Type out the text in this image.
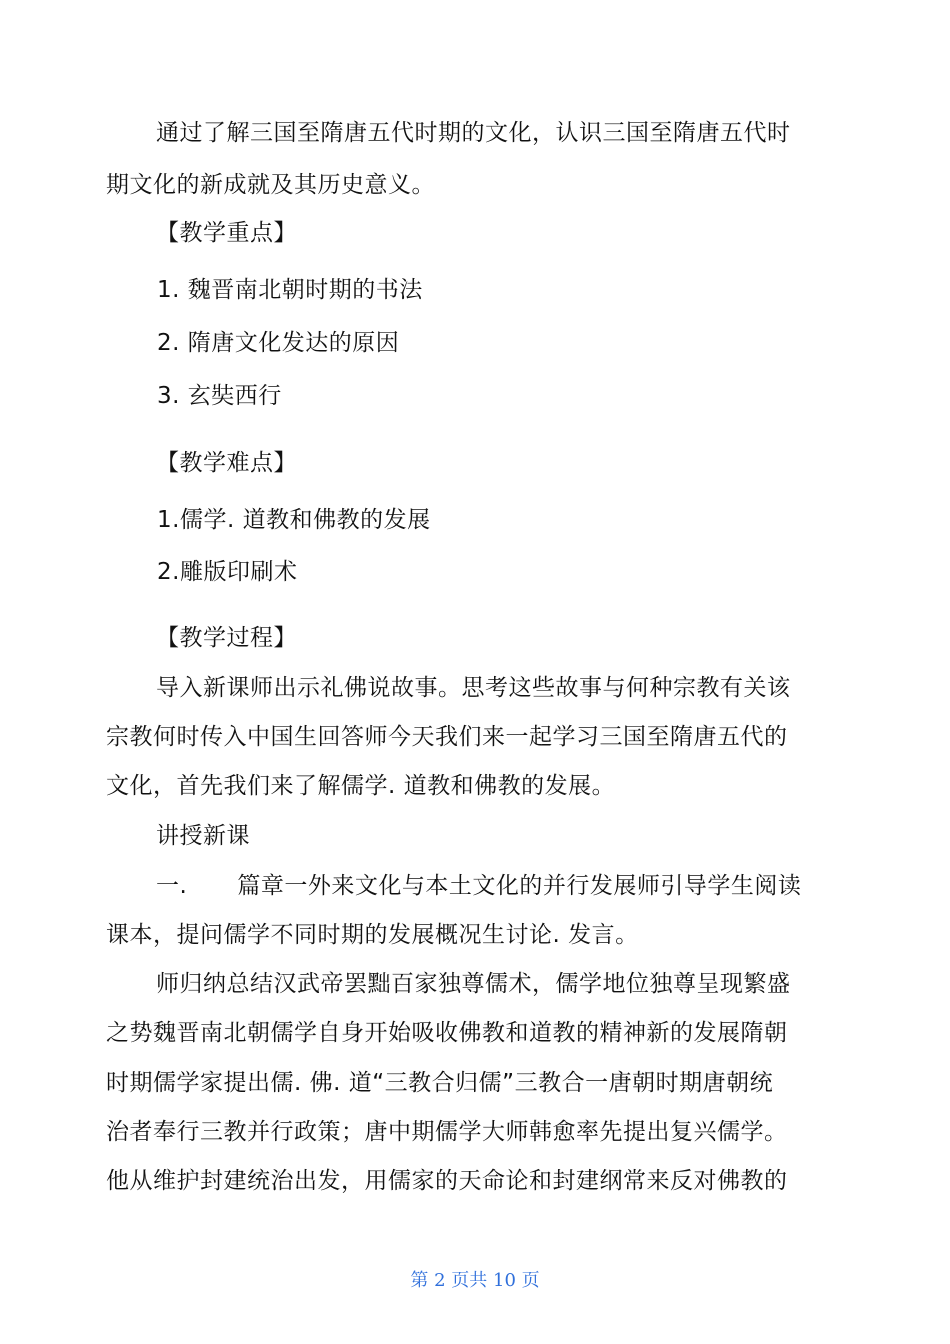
通过了解三国至隋唐五代时期的文化，认识三国至隋唐五代时
期文化的新成就及其历史意义。
【教学重点】
1. 魏晋南北朝时期的书法
2. 隋唐文化发达的原因
3. 玄奘西行
【教学难点】
1.儒学. 道教和佛教的发展
2.雕版印刷术
【教学过程】
导入新课师出示礼佛说故事。思考这些故事与何种宗教有关该
宗教何时传入中国生回答师今天我们来一起学习三国至隋唐五代的
文化，首先我们来了解儒学. 道教和佛教的发展。
讲授新课
一. 篇章一外来文化与本土文化的并行发展师引导学生阅读
课本，提问儒学不同时期的发展概况生讨论. 发言。
师归纳总结汉武帝罢黜百家独尊儒术，儒学地位独尊呈现繁盛
之势魏晋南北朝儒学自身开始吸收佛教和道教的精神新的发展隋朝
时期儒学家提出儒. 佛. 道“三教合归儒”三教合一唐朝时期唐朝统
治者奉行三教并行政策；唐中期儒学大师韩愈率先提出复兴儒学。
他从维护封建统治出发，用儒家的天命论和封建纲常来反对佛教的
第 2 页共 10 页
